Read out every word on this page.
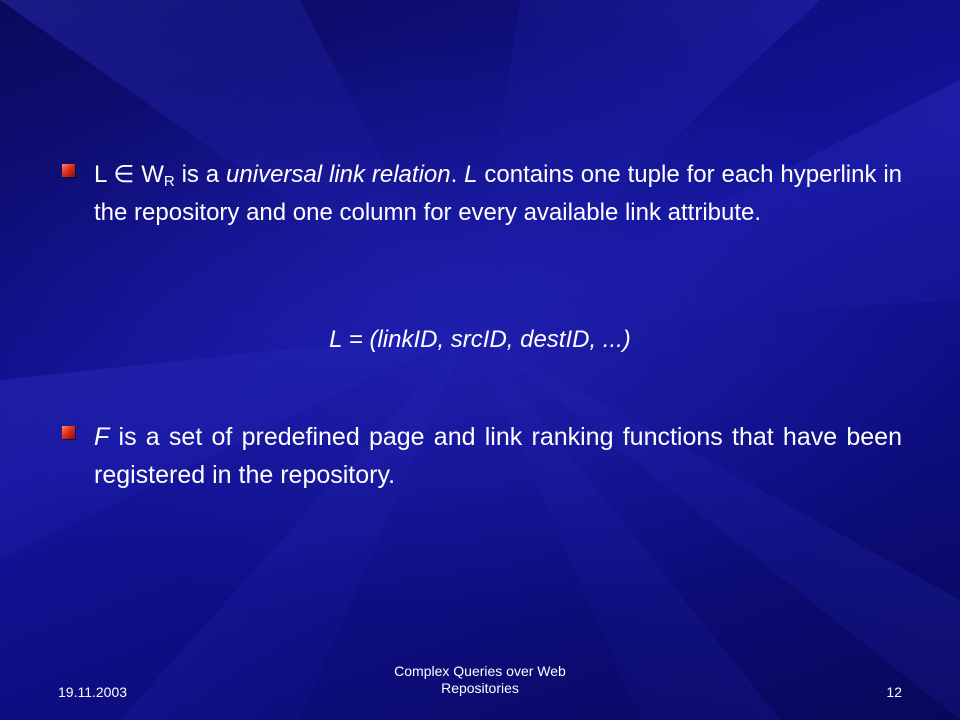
L ∈ $W_R$ is a universal link relation. L contains one tuple for each hyperlink in the repository and one column for every available link attribute.
L = (linkID, srcID, destID, ...)
F is a set of predefined page and link ranking functions that have been registered in the repository.
19.11.2003
Complex Queries over Web
Repositories	12
